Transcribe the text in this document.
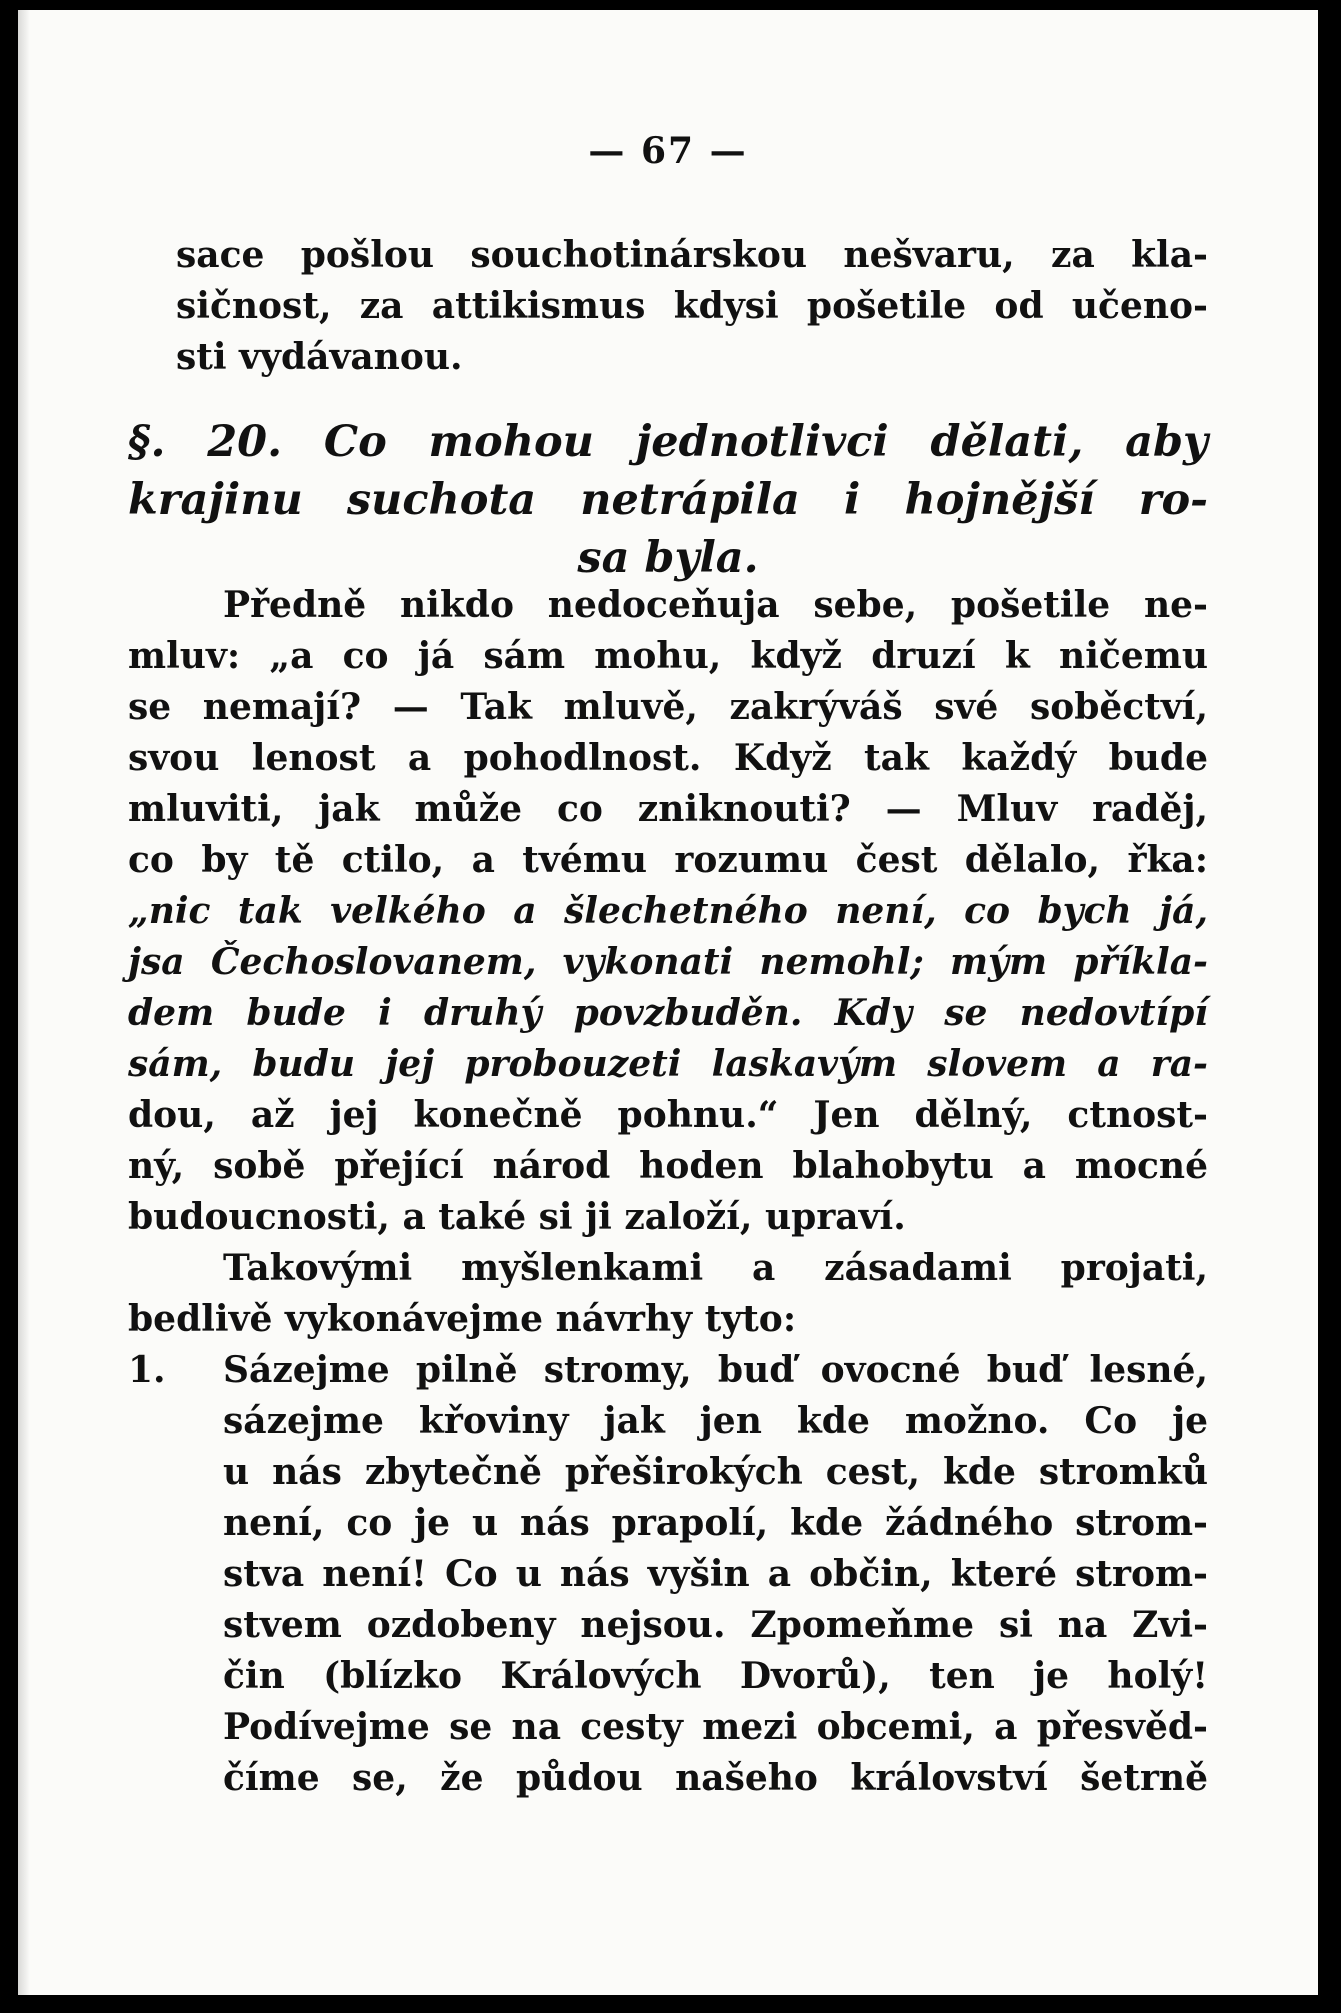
— 67 —
sace pošlou souchotinárskou nešvaru, za kla-
sičnost, za attikismus kdysi pošetile od učeno-
sti vydávanou.
§. 20. Co mohou jednotlivci dělati, aby
krajinu suchota netrápila i hojnější ro-
sa byla.
Předně nikdo nedoceňuja sebe, pošetile ne-
mluv: „a co já sám mohu, když druzí k ničemu
se nemají? — Tak mluvě, zakrýváš své soběctví,
svou lenost a pohodlnost. Když tak každý bude
mluviti, jak může co zniknouti? — Mluv raděj,
co by tě ctilo, a tvému rozumu čest dělalo, řka:
„nic tak velkého a šlechetného není, co bych já,
jsa Čechoslovanem, vykonati nemohl; mým příkla-
dem bude i druhý povzbuděn. Kdy se nedovtípí
sám, budu jej probouzeti laskavým slovem a ra-
dou, až jej konečně pohnu.“ Jen dělný, ctnost-
ný, sobě přející národ hoden blahobytu a mocné
budoucnosti, a také si ji založí, upraví.
Takovými myšlenkami a zásadami projati,
bedlivě vykonávejme návrhy tyto:
1.	Sázejme pilně stromy, buď ovocné buď lesné,
sázejme křoviny jak jen kde možno. Co je
u nás zbytečně přeširokých cest, kde stromků
není, co je u nás prapolí, kde žádného strom-
stva není! Co u nás vyšin a občin, které strom-
stvem ozdobeny nejsou. Zpomeňme si na Zvi-
čin (blízko Králových Dvorů), ten je holý!
Podívejme se na cesty mezi obcemi, a přesvěd-
číme se, že půdou našeho království šetrně
